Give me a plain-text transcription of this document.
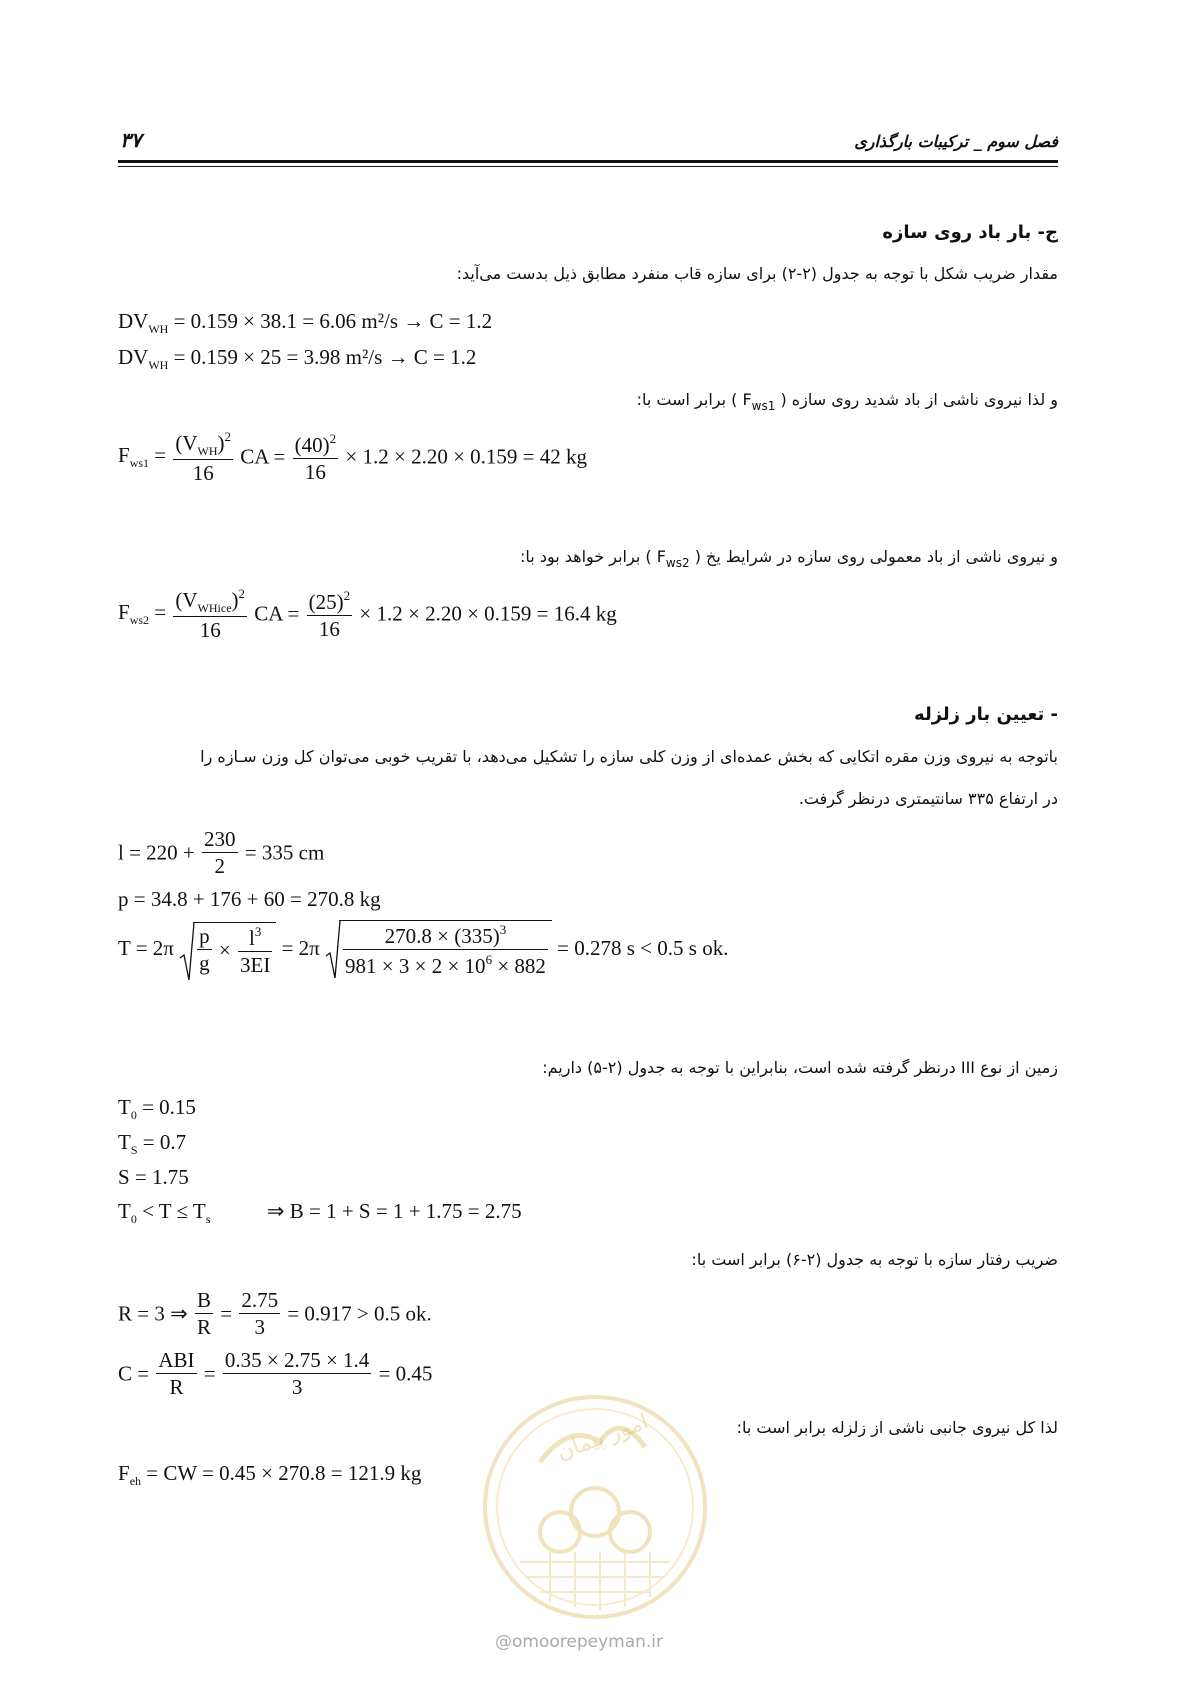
۳۷	فصل سوم _ ترکیبات بارگذاری
ج- بار باد روی سازه
مقدار ضریب شکل با توجه به جدول (۲-۲) برای سازه قاب منفرد مطابق ذیل بدست می‌آید:
$DV_{WH} = 0.159 \times 38.1 = 6.06$ m²/s → C = 1.2
$DV_{WH} = 0.159 \times 25 = 3.98$ m²/s → C = 1.2
و لذا نیروی ناشی از باد شدید روی سازه ( $F_{ws1}$ ) برابر است با:
$F_{ws1} = \frac{(V_{WH})^2}{16}$ CA = $\frac{(40)^2}{16} \times 1.2 \times 2.20 \times 0.159 = 42$ kg
و نیروی ناشی از باد معمولی روی سازه در شرایط یخ ( $F_{ws2}$ ) برابر خواهد بود با:
$F_{ws2} = \frac{(V_{WHice})^2}{16}$ CA = $\frac{(25)^2}{16} \times 1.2 \times 2.20 \times 0.159 = 16.4$ kg
- تعیین بار زلزله
باتوجه به نیروی وزن مقره اتکایی که بخش عمده‌ای از وزن کلی سازه را تشکیل می‌دهد، با تقریب خوبی می‌توان کل وزن سـازه را
در ارتفاع ۳۳۵ سانتیمتری درنظر گرفت.
$l = 220 + \frac{230}{2} = 335$ cm
p = 34.8 + 176 + 60 = 270.8 kg
$T = 2\pi \frac{p}{g} \times \frac{l^3}{3EI} = 2\pi \frac{270.8 \times (335)^3}{981 \times 3 \times 2 \times 10^6 \times 882} = 0.278$ s < 0.5 s ok.
زمین از نوع III درنظر گرفته شده است، بنابراین با توجه به جدول (۲-۵) داریم:
$T_0 = 0.15$
$T_S = 0.7$
S = 1.75
$T_0 < T \le T_s$	⇒ B = 1 + S = 1 + 1.75 = 2.75
ضریب رفتار سازه با توجه به جدول (۲-۶) برابر است با:
R = 3 ⇒ $\frac{B}{R} = \frac{2.75}{3} = 0.917 > 0.5$ ok.
$C = \frac{\text{ABI}}{R} = \frac{0.35 \times 2.75 \times 1.4}{3} = 0.45$
لذا کل نیروی جانبی ناشی از زلزله برابر است با:
$F_{eh}$ = CW = 0.45 × 270.8 = 121.9 kg
امور پیمان
@omoorepeyman.ir
